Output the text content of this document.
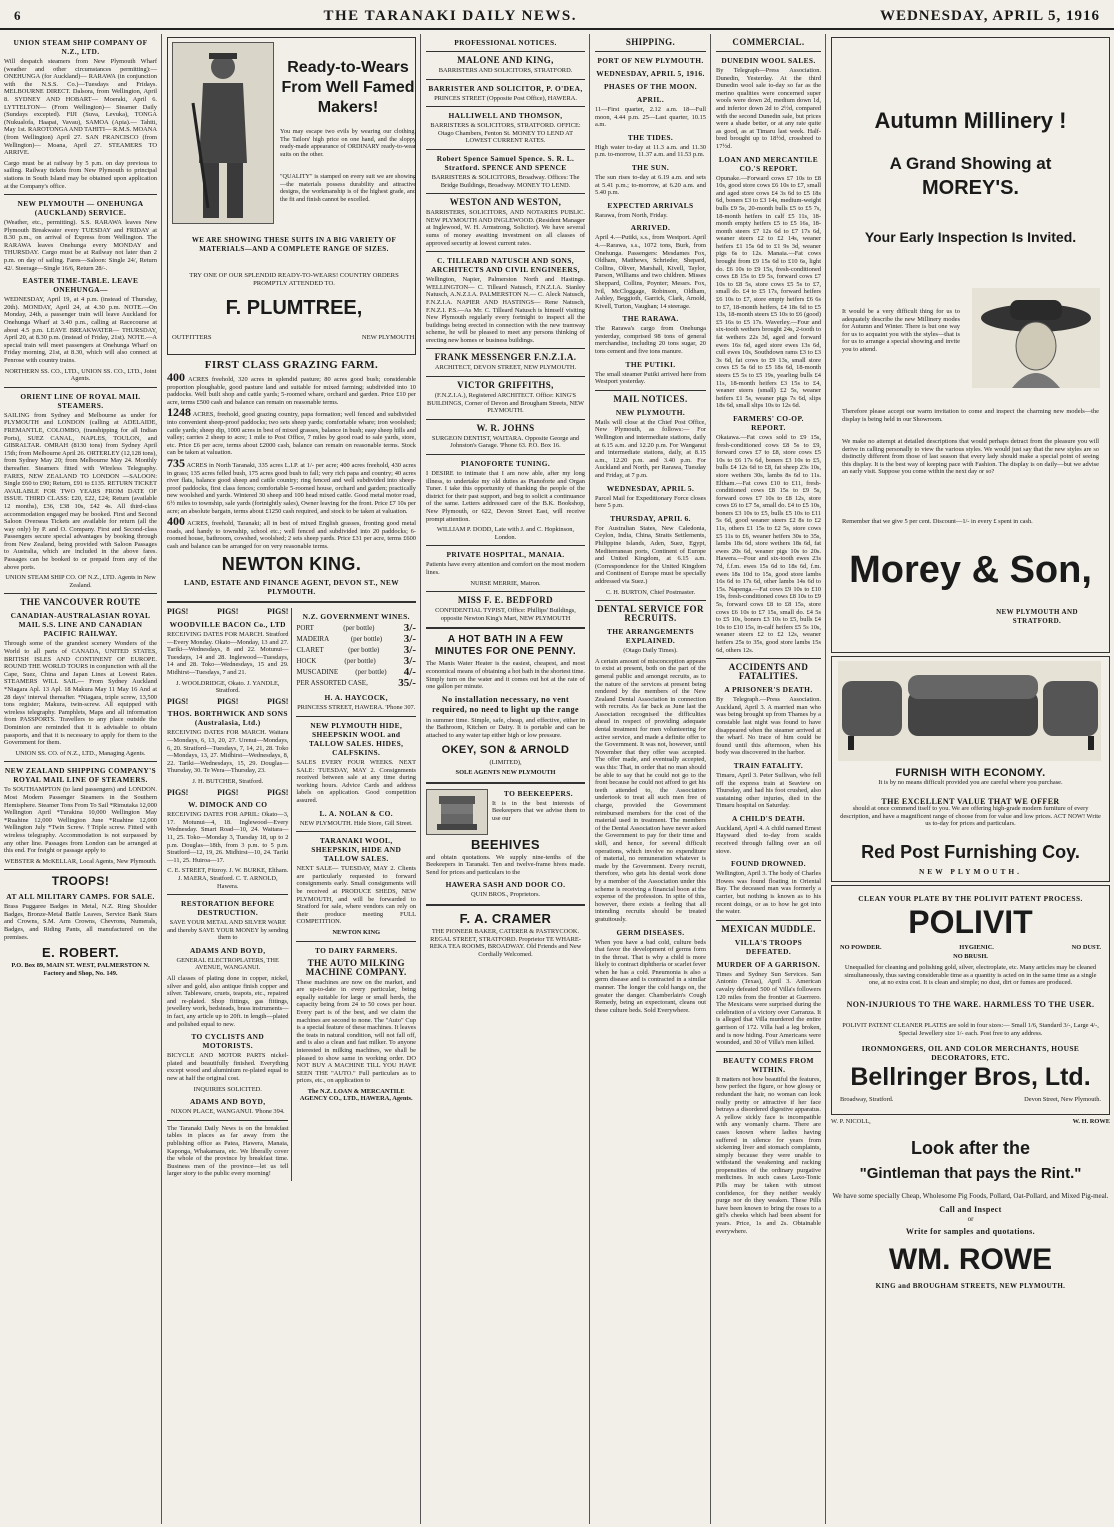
6	THE TARANAKI DAILY NEWS.	WEDNESDAY, APRIL 5, 1916
UNION STEAM SHIP COMPANY OF N.Z., LTD.

Will despatch steamers from New Plymouth Wharf (weather and other circumstances permitting):— ONEHUNGA (for Auckland)— RARAWA (in conjunction with the N.S.S. Co.)—Tuesdays and Fridays. MELBOURNE DIRECT. Dalsora, from Wellington, April 8. SYDNEY AND HOBART— Moeraki, April 6. LYTTELTON— (From Wellington)— Steamer Daily (Sundays excepted). FIJI (Suva, Levuka), TONGA (Nukualofa, Haapai, Vavau), SAMOA (Apia).— Tahiti, May 1st. RAROTONGA AND TAHITI— R.M.S. MOANA (from Wellington) April 27. SAN FRANCISCO (from Wellington)— Moana, April 27. STEAMERS TO ARRIVE.

Cargo must be at railway by 5 p.m. on day previous to sailing. Railway tickets from New Plymouth to principal stations in South Island may be obtained upon application at the Company's office.

NEW PLYMOUTH — ONEHUNGA (AUCKLAND) SERVICE.

(Weather, etc., permitting). S.S. RARAWA leaves New Plymouth Breakwater every TUESDAY and FRIDAY at 8.30 p.m., on arrival of Express from Wellington. The RARAWA leaves Onehunga every MONDAY and THURSDAY. Cargo must be at Railway not later than 2 p.m. on day of sailing. Fares—Saloon: Single 24/, Return 42/. Steerage—Single 16/6, Return 28/-.

EASTER TIME-TABLE. LEAVE ONEHUNGA—

WEDNESDAY, April 19, at 4 p.m. (instead of Thursday, 20th). MONDAY, April 24, at 4.30 p.m. NOTE.—On Monday, 24th, a passenger train will leave Auckland for Onehunga Wharf at 3.40 p.m., calling at Racecourse at about 4.5 p.m. LEAVE BREAKWATER— THURSDAY, April 20, at 8.30 p.m. (instead of Friday, 21st). NOTE.—A special train will meet passengers at Onehunga Wharf on Friday morning, 21st, at 8.30, which will also connect at Penrose with country trains.

NORTHERN SS. CO., LTD., UNION SS. CO., LTD., Joint Agents.

ORIENT LINE OF ROYAL MAIL STEAMERS.

SAILING from Sydney and Melbourne as under for PLYMOUTH and LONDON (calling at ADELAIDE, FREMANTLE, COLOMBO, (transhipping for all Indian Ports), SUEZ CANAL, NAPLES, TOULON, and GIBRALTAR. OMRAH (8130 tons) from Sydney April 15th; from Melbourne April 26. ORTERLEY (12,128 tons), from Sydney May 20; from Melbourne May 24. Monthly thereafter. Steamers fitted with Wireless Telegraphy. FARES, NEW ZEALAND TO LONDON —SALOON: Single £60 to £90; Return, £91 to £135. RETURN TICKET AVAILABLE FOR TWO YEARS FROM DATE OF ISSUE. THIRD CLASS: £20, £22, £24; Return (available 12 months), £36, £38 10s, £42 4s. All third-class accommodation engaged may be booked. First and Second Saloon Overseas Tickets are available for return (all the way only) by P. and O. Company. First and Second-class Passengers secure special advantages by booking through from New Zealand, being provided with Saloon Passages to Australia, which are included in the above fares. Passages can be booked to or prepaid from any of the above ports.

UNION STEAM SHIP CO. OF N.Z., LTD. Agents in New Zealand.

THE VANCOUVER ROUTE
CANADIAN-AUSTRALASIAN ROYAL MAIL S.S. LINE AND CANADIAN PACIFIC RAILWAY.

Through some of the grandest scenery Wonders of the World to all parts of CANADA, UNITED STATES, BRITISH ISLES AND CONTINENT OF EUROPE. ROUND THE WORLD TOURS in conjunction with all the Cape, Suez, China and Japan Lines at Lowest Rates. STEAMERS WILL SAIL— From Sydney Auckland *Niagara Apl. 13 Apl. 18 Makura May 11 May 16 And at 28 days' interval thereafter. *Niagara, triple screw, 13,500 tons register; Makura, twin-screw. All equipped with wireless telegraphy. Pamphlets, Maps and all information from PASSPORTS. Travellers to any place outside the Dominion are reminded that it is advisable to obtain passports, and that it is necessary to apply for them to the Government for them.

UNION SS. CO. of N.Z., LTD., Managing Agents.

NEW ZEALAND SHIPPING COMPANY'S ROYAL MAIL LINE OF STEAMERS.

To SOUTHAMPTON (to land passengers) and LONDON. Most Modern Passenger Steamers in the Southern Hemisphere. Steamer Tons From To Sail *Rimutaka 12,000 Wellington April *Turakina 10,000 Wellington May *Ruahine 12,000 Wellington June *Ruahine 12,000 Wellington July *Twin Screw. †Triple screw. Fitted with wireless telegraphy. Accommodation is not surpassed by any other line. Passages from London can be arranged at this end. For freight or passage apply to

WEBSTER & McKELLAR, Local Agents, New Plymouth.

TROOPS!
AT ALL MILITARY CAMPS. FOR SALE.

Brass Puggaree Badges in Metal, N.Z. Ring Shoulder Badges, Bronze-Metal Battle Leaves, Service Bank Stars and Crowns, S.M. Arm Crowns, Chevrons, Numerals, Badges, and Riding Pants, all manufactured on the premises.

E. ROBERT.

P.O. Box 89, MAIN ST. WEST, PALMERSTON N. Factory and Shop, No. 149.

Ready-to-Wears From Well Famed Makers!

You may escape two evils by wearing our clothing. The Tailors' high price on one hand, and the sloppy ready-made appearance of ORDINARY ready-to-wear suits on the other.

"QUALITY" is stamped on every suit we are showing—the materials possess durability and attractive designs, the workmanship is of the highest grade, and the fit and finish cannot be excelled.

WE ARE SHOWING THESE SUITS IN A BIG VARIETY OF MATERIALS—AND A COMPLETE RANGE OF SIZES.
TRY ONE OF OUR SPLENDID READY-TO-WEARS! COUNTRY ORDERS PROMPTLY ATTENDED TO.
F. PLUMTREE,
OUTFITTERS	NEW PLYMOUTH.
FIRST CLASS GRAZING FARM.

400 ACRES freehold, 320 acres in splendid pasture; 80 acres good bush; considerable proportion ploughable, good pasture land and suitable for mixed farming; subdivided into 10 paddocks. Well built shop and cattle yards; 5-roomed whare, orchard and garden. Price £10 per acre, terms £500 cash and balance can remain on reasonable terms.

1248 ACRES, freehold, good grazing country, papa formation; well fenced and subdivided into convenient sheep-proof paddocks; two sets sheep yards; comfortable whare; iron woolshed; cattle yards; sheep dip, 1000 acres in best of mixed grasses, balance in bush; easy sheep hills and valley; carries 2 sheep to acre; 1 mile to Post Office, 7 miles by good road to sale yards, store, etc. Price £6 per acre, terms about £2000 cash, balance can remain on reasonable terms. Stock can be taken at valuation.

735 ACRES in North Taranaki, 335 acres L.I.P. at 1/- per acre; 400 acres freehold, 430 acres in grass; 135 acres felled bush, 175 acres good bush to fall; very rich papa and country; 40 acres river flats, balance good sheep and cattle country; ring fenced and well subdivided into sheep-proof paddocks, first class fences; comfortable 5-roomed house, orchard and garden; practically new woolshed and yards. Wintered 30 sheep and 100 head mixed cattle. Good metal motor road, 6½ miles to township, sale yards (fortnightly sales), Owner leaving for the front. Price £7 10s per acre; an absolute bargain, terms about £1250 cash required, and stock to be taken at valuation.

400 ACRES, freehold, Taranaki; all in best of mixed English grasses, fronting good metal roads, and handy to township, school etc.; well fenced and subdivided into 20 paddocks; 6-roomed house, bathroom, cowshed, woolshed; 2 sets sheep yards. Price £31 per acre, terms £600 cash and balance can be arranged for on very reasonable terms.

NEWTON KING.
LAND, ESTATE AND FINANCE AGENT, DEVON ST., NEW PLYMOUTH.
PIGS!	PIGS!	PIGS!
WOODVILLE BACON Co., LTD

RECEIVING DATES FOR MARCH. Stratford—Every Monday. Okato—Monday, 13 and 27. Tariki—Wednesdays, 8 and 22. Motunui—Tuesdays, 14 and 28. Inglewood—Tuesdays, 14 and 28. Toko—Wednesdays, 15 and 29. Midhirst—Tuesdays, 7 and 21.

J. WOOLDRIDGE, Okato. J. YANDLE, Stratford.

PIGS!	PIGS!	PIGS!
THOS. BORTHWICK AND SONS (Australasia, Ltd.)

RECEIVING DATES FOR MARCH. Waitara—Mondays, 6, 13, 20, 27. Urenui—Mondays, 6, 20. Stratford—Tuesdays, 7, 14, 21, 28. Toko—Mondays, 13, 27. Midhirst—Wednesdays, 8, 22. Tariki—Wednesdays, 15, 29. Douglas—Thursday, 30. Te Wera—Thursday, 23.

J. H. BUTCHER, Stratford.

PIGS!	PIGS!	PIGS!
W. DIMOCK AND CO

RECEIVING DATES FOR APRIL: Okato—3, 17. Motunui—4, 18. Inglewood—Every Wednesday. Smart Road—10, 24. Waitara—11, 25. Toko—Monday 3, Tuesday 18, up to 2 p.m. Douglas—18th, from 3 p.m. to 5 p.m. Stratford—12, 19, 26. Midhirst—10, 24. Tariki—11, 25. Huiroa—17.

C. E. STREET, Fitzroy. J. W. BURKE, Eltham. J. MAERA, Stratford. C. T. ARNOLD, Hawera.

RESTORATION BEFORE DESTRUCTION.

SAVE YOUR METAL AND SILVER WARE and thereby SAVE YOUR MONEY by sending them to

ADAMS AND BOYD,

GENERAL ELECTROPLATERS, THE AVENUE, WANGANUI.

All classes of plating done in copper, nickel, silver and gold, also antique finish copper and silver. Tableware, cruets, teapots, etc., repaired and re-plated. Shop fittings, gas fittings, jewellery work, bedsteads, brass instruments—in fact, any article up to 20ft. in length—plated and polished equal to new.

TO CYCLISTS AND MOTORISTS.

BICYCLE AND MOTOR PARTS nickel-plated and beautifully finished. Everything except wood and aluminium re-plated equal to new at half the original cost.

INQUIRIES SOLICITED.

ADAMS AND BOYD,

NIXON PLACE, WANGANUI. 'Phone 394.

The Taranaki Daily News is on the breakfast tables in places as far away from the publishing office as Patea, Hawera, Manaia, Kaponga, Whakamara, etc. We liberally cover the whole of the province by breakfast time. Business men of the province—let us tell larger story to the public every morning!

N.Z. GOVERNMENT WINES.
PORT	(per bottle)	3/-
MADEIRA	(per bottle) 3/-
CLARET	(per bottle) 3/-
HOCK	(per bottle)	3/-
MUSCADINE (per bottle) 4/-
PER ASSORTED CASE,	35/-
H. A. HAYCOCK,

PRINCESS STREET, HAWERA. 'Phone 307.

NEW PLYMOUTH HIDE, SHEEPSKIN WOOL and TALLOW SALES. HIDES, CALFSKINS.

SALES EVERY FOUR WEEKS. NEXT SALE: TUESDAY, MAY 2. Consignments received between sale at any time during working hours. Advice Cards and address labels on application. Good competition assured.

L. A. NOLAN & CO.

NEW PLYMOUTH. Hide Store, Gill Street.

TARANAKI WOOL, SHEEPSKIN, HIDE AND TALLOW SALES.

NEXT SALE— TUESDAY, MAY 2. Clients are particularly requested to forward consignments early. Small consignments will be received at PRODUCE SHEDS, NEW PLYMOUTH, and will be forwarded to Stratford for sale, where vendors can rely on their produce meeting FULL COMPETITION.

NEWTON KING

TO DAIRY FARMERS.
THE AUTO MILKING MACHINE COMPANY.

These machines are now on the market, and are up-to-date in every particular, being equally suitable for large or small herds, the capacity being from 24 to 50 cows per hour. Every part is of the best, and we claim the machines are second to none. The "Auto" Cup is a special feature of these machines. It leaves the teats in natural condition, will not fall off, and is also a clean and fast milker. To anyone interested in milking machines, we shall be pleased to show same in working order. DO NOT BUY A MACHINE TILL YOU HAVE SEEN THE "AUTO." Full particulars as to prices, etc., on application to

The N.Z. LOAN & MERCANTILE AGENCY CO., LTD., HAWERA, Agents.

PROFESSIONAL NOTICES.
MALONE AND KING,

BARRISTERS AND SOLICITORS, STRATFORD.

BARRISTER AND SOLICITOR, P. O'DEA,

PRINCES STREET (Opposite Post Office), HAWERA.

HALLIWELL AND THOMSON,

BARRISTERS & SOLICITORS, STRATFORD. OFFICE: Otago Chambers, Fenton St. MONEY TO LEND AT LOWEST CURRENT RATES.

Robert Spence Samuel Spence. S. R. L. Stratford. SPENCE AND SPENCE

BARRISTERS & SOLICITORS, Broadway. Offices: The Bridge Buildings, Broadway. MONEY TO LEND.

WESTON AND WESTON,

BARRISTERS, SOLICITORS, AND NOTARIES PUBLIC. NEW PLYMOUTH AND INGLEWOOD. (Resident Manager at Inglewood, W. H. Armstrong, Solicitor). We have several sums of money awaiting investment on all classes of approved security at lowest current rates.

C. TILLEARD NATUSCH AND SONS, ARCHITECTS AND CIVIL ENGINEERS,

Wellington, Napier, Palmerston North and Hastings. WELLINGTON— C. Tilleard Natusch, F.N.Z.I.A. Stanley Natusch, A.N.Z.I.A. PALMERSTON N.— C. Aleck Natusch, F.N.Z.I.A. NAPIER AND HASTINGS— Rene Natusch, F.N.Z.I. P.S.—As Mr. C. Tilleard Natusch is himself visiting New Plymouth regularly every fortnight to inspect all the buildings being erected in connection with the new tramway scheme, he will be pleased to meet any persons thinking of erecting new homes or business buildings.

FRANK MESSENGER F.N.Z.I.A.

ARCHITECT, DEVON STREET, NEW PLYMOUTH.

VICTOR GRIFFITHS,

(F.N.Z.I.A.), Registered ARCHITECT. Office: KING'S BUILDINGS, Corner of Devon and Brougham Streets, NEW PLYMOUTH.

W. R. JOHNS

SURGEON DENTIST, WAITARA. Opposite George and Johnston's Garage. 'Phone 63. P.O. Box 16.

PIANOFORTE TUNING.

I DESIRE to intimate that I am now able, after my long illness, to undertake my old duties as Pianoforte and Organ Tuner. I take this opportunity of thanking the people of the district for their past support, and beg to solicit a continuance of the same. Letters addressed care of the B.K. Bookshop, New Plymouth, or 622, Devon Street East, will receive prompt attention.

WILLIAM P. DODD, Late with J. and C. Hopkinson, London.

PRIVATE HOSPITAL, MANAIA.

Patients have every attention and comfort on the most modern lines.

NURSE MERRIE, Matron.

MISS F. E. BEDFORD

CONFIDENTIAL TYPIST, Office: Phillips' Buildings, opposite Newton King's Mart, NEW PLYMOUTH

A HOT BATH IN A FEW MINUTES FOR ONE PENNY.

The Manis Water Heater is the easiest, cheapest, and most economical means of obtaining a hot bath in the shortest time. Simply turn on the water and it comes out hot at the rate of one gallon per minute.

No installation necessary, no vent required, no need to light up the range

in summer time. Simple, safe, cheap, and effective, either in the Bathroom, Kitchen or Dairy. It is portable and can be attached to any water tap either high or low pressure.

OKEY, SON & ARNOLD

(LIMITED),

SOLE AGENTS NEW PLYMOUTH

TO BEEKEEPERS.

It is in the best interests of Beekeepers that we advise them to use our

BEEHIVES

and obtain quotations. We supply nine-tenths of the Beekeepers in Taranaki. Ten and twelve-frame hives made. Send for prices and particulars to the

HAWERA SASH AND DOOR CO.

QUIN BROS., Proprietors.

F. A. CRAMER

THE PIONEER BAKER, CATERER & PASTRYCOOK. REGAL STREET, STRATFORD. Proprietor TE WHARE-REKA TEA ROOMS, BROADWAY. Old Friends and New Cordially Welcomed.

SHIPPING.
PORT OF NEW PLYMOUTH.
WEDNESDAY, APRIL 5, 1916.
PHASES OF THE MOON.
APRIL.

11—First quarter, 2.12 a.m. 18—Full moon, 4.44 p.m. 25—Last quarter, 10.15 a.m.

THE TIDES.

High water to-day at 11.3 a.m. and 11.30 p.m. to-morrow, 11.37 a.m. and 11.53 p.m.

THE SUN.

The sun rises to-day at 6.19 a.m. and sets at 5.41 p.m.; to-morrow, at 6.20 a.m. and 5.40 p.m.

EXPECTED ARRIVALS

Rarawa, from North, Friday.

ARRIVED.

April 4.—Putiki, s.s., from Westport. April 4.—Rarawa, s.s., 1072 tons, Burk, from Onehunga. Passengers: Mesdames Fox, Oldham, Matthews, Schrieder, Shepard, Collins, Oliver, Marshall, Kivell, Taylor, Parson, Williams and two children. Misses Sheppard, Collins, Poynter; Messrs. Fox, Ivil, McCloggage, Robinson, Oldham, Ashley, Beggioth, Garrick, Clark, Arnold, Kivell, Turton, Vaughan; 14 steerage.

THE RARAWA.

The Rarawa's cargo from Onehunga yesterday, comprised 98 tons of general merchandise, including 20 tons sugar, 20 tons cement and five tons manure.

THE PUTIKI.

The small steamer Putiki arrived here from Westport yesterday.

MAIL NOTICES.
NEW PLYMOUTH.

Mails will close at the Chief Post Office, New Plymouth, as follows:— For Wellington and intermediate stations, daily at 6.15 a.m. and 12.20 p.m. For Wanganui and intermediate stations, daily, at 8.15 a.m., 12.20 p.m. and 3.40 p.m. For Auckland and North, per Rarawa, Tuesday and Friday, at 7 p.m.

WEDNESDAY, APRIL 5.

Parcel Mail for Expeditionary Force closes here 5 p.m.

THURSDAY, APRIL 6.

For Australian States, New Caledonia, Ceylon, India, China, Straits Settlements, Philippine Islands, Aden, Suez, Egypt, Mediterranean ports, Continent of Europe and United Kingdom, at 6.15 a.m. (Correspondence for the United Kingdom and Continent of Europe must be specially addressed via Suez.)

C. H. BURTON, Chief Postmaster.

DENTAL SERVICE FOR RECRUITS.
THE ARRANGEMENTS EXPLAINED.

(Otago Daily Times).

A certain amount of misconception appears to exist at present, both on the part of the general public and amongst recruits, as to the nature of the services at present being rendered by the members of the New Zealand Dental Association in connection with recruits. As far back as June last the Association recognised the difficulties ahead in respect of providing adequate dental treatment for men volunteering for active service, and made a definite offer to the Government. It was not, however, until November that they offer was accepted. The offer made, and eventually accepted, was this: That, in order that no man should be able to say that he could not go to the front because he could not afford to get his teeth attended to, the Association undertook to treat all such men free of charge, provided the Government reimbursed members for the cost of the material used in treatment. The members of the Dental Association have never asked the Government to pay for their time and skill, and hence, for several difficult operations, which involve no expenditure of material, no remuneration whatever is made by the Government. Every recruit, therefore, who gets his dental work done by a member of the Association under this scheme is receiving a financial boon at the expense of the profession. In spite of this, however, there exists a feeling that all intending recruits should be treated gratuitously.

GERM DISEASES.

When you have a bad cold, culture beds that favor the development of germs form in the throat. That is why a child is more likely to contract diphtheria or scarlet fever when he has a cold. Pneumonia is also a germ disease and is contracted in a similar manner. The longer the cold hangs on, the greater the danger. Chamberlain's Cough Remedy, being an expectorant, cleans out these culture beds. Sold Everywhere.

COMMERCIAL.
DUNEDIN WOOL SALES.

By Telegraph—Press Association. Dunedin, Yesterday. At the third Dunedin wool sale to-day so far as the merino qualities were concerned super wools were down 2d, medium down 1d, and inferior down 2d to 2½d, compared with the second Dunedin sale, but prices were a shade better, or at any rate quite as good, as at Timaru last week. Half-bred brought up to 18½d, crossbred to 17½d.

LOAN AND MERCANTILE CO.'S REPORT.

Opunake.—Forward cows £7 10s to £8 10s, good store cows £6 10s to £7, small and aged store cows £4 3s 6d to £5 18s 6d, boners £3 to £3 14s, medium-weight bulls £9 5s, 20-month bulls £5 to £5 7s, 18-month heifers in calf £5 11s, 18-month empty heifers £5 to £5 16s, 18-month steers £7 12s 6d to £7 17s 6d, weaner steers £2 to £2 14s, weaner heifers £1 15s 6d to £1 9s 3d, weaner pigs 6s to 12s. Manaia.—Fat cows brought from £9 15s 6d to £10 6s, light do. £6 10s to £9 15s, fresh-conditioned cows £8 15s to £9 5s, forward cows £7 10s to £8 5s, store cows £5 5s to £7, small do. £4 to £5 17s, forward heifers £6 10s to £7, store empty heifers £6 6s to £7, 18-month heifers, £4 18s 6d to £5 13s, 18-month steers £5 10s to £6 (good) £5 16s to £5 17s. Waverley.—Four and six-tooth wethers brought 24s, 2-tooth to fat wethers 22s 3d, aged and forward ewes 16s 6d, aged store ewes 13s 6d, cull ewes 10s, Southdown rams £3 to £3 3s 6d, fat cows to £9 13s, small store cows £5 5s 6d to £5 18s 6d, 18-month steers £5 5s to £5 19s, yearling bulls £4 11s, 18-month heifers £3 15s to £4, weaner steers (small) £2 5s, weaner heifers £1 5s, weaner pigs 7s 6d, slips 18s 6d, small slips 10s to 12s 6d.

FARMERS' CO-OP. REPORT.

Okaiawa.—Fat cows sold to £9 15s, fresh-conditioned cows £8 5s to £9, forward cows £7 to £8, store cows £5 10s to £6 17s 6d, boners £3 10s to £5, bulls £4 12s 6d to £8, fat sheep 23s 10s, store wethers 30s, lambs 8s 6d to 11s. Eltham.—Fat cows £10 to £11, fresh-conditioned cows £8 15s to £9 5s, forward cows £7 10s to £8 12s, store cows £6 to £7 5s, small do. £4 to £5 10s, boners £3 10s to £5, bulls £5 10s to £11 5s 6d, good weaner steers £2 8s to £2 11s, others £1 15s to £2 5s, store cows £5 11s to £6, weaner heifers 30s to 35s, lambs 18s 6d, store wethers 18s 6d, fat ewes 20s 6d, weaner pigs 10s to 20s. Hawera.—Four and six-tooth ewes 23s 7d, f.f.m. ewes 15s 6d to 18s 6d, f.m. ewes 18s 10d to 15s, good store lambs 16s 6d to 17s 6d, other lambs 14s 6d to 15s. Napenga.—Fat cows £9 10s to £10 19s, fresh-conditioned cows £8 10s to £9 5s, forward cows £8 to £8 15s, store cows £6 10s to £7 15s, small do. £4 5s to £5 10s, boners £3 10s to £5, bulls £4 10s to £10 15s, in-calf heifers £5 5s 10s, weaner steers £2 to £2 12s, weaner heifers 25s to 35s, good store lambs 15s 6d, others 12s.

ACCIDENTS AND FATALITIES.
A PRISONER'S DEATH.

By Telegraph.—Press Association. Auckland, April 3. A married man who was being brought up from Thames by a constable last night was found to have disappeared when the steamer arrived at the wharf. No trace of him could be found until this afternoon, when his body was discovered in the harbor.

TRAIN FATALITY.

Timaru, April 3. Peter Sullivan, who fell off the express train at Seaview on Thursday, and had his foot crushed, also sustaining other injuries, died in the Timaru hospital on Saturday.

A CHILD'S DEATH.

Auckland, April 4. A child named Ernest Hayward died to-day from scalds received through falling over an oil stove.

FOUND DROWNED.

Wellington, April 3. The body of Charles Howes was found floating in Oriental Bay. The deceased man was formerly a carrier, but nothing is known as to his recent doings, or as to how he got into the water.

MEXICAN MUDDLE.
VILLA'S TROOPS DEFEATED.
MURDER OF A GARRISON.

Times and Sydney Sun Services. San Antonio (Texas), April 3. American cavalry defeated 500 of Villa's followers 120 miles from the frontier at Guerrero. The Mexicans were surprised during the celebration of a victory over Carranza. It is alleged that Villa murdered the entire garrison of 172. Villa had a leg broken, and is now hiding. Four Americans were wounded, and 30 of Villa's men killed.

BEAUTY COMES FROM WITHIN.

It matters not how beautiful the features, how perfect the figure, or how glossy or redundant the hair, no woman can look really pretty or attractive if her face betrays a disordered digestive apparatus. A yellow sickly face is incompatible with any womanly charm. There are cases known where ladies having suffered in silence for years from sickening liver and stomach complaints, simply because they were unable to withstand the weakening and racking propensities of the ordinary purgative medicines. In such cases Laxo-Tonic Pills may be taken with utmost confidence, for they neither weakly purge nor do they weaken. These Pills have been known to bring the roses to a girl's cheeks which had been absent for years. Price, 1s and 2s. Obtainable everywhere.

Autumn Millinery !
A Grand Showing at
MOREY'S.
Your Early Inspection Is Invited.

It would be a very difficult thing for us to adequately describe the new Millinery modes for Autumn and Winter. There is but one way for us to acquaint you with the styles—that is for us to arrange a special showing and invite you to attend.

Therefore please accept our warm invitation to come and inspect the charming new models—the display is being held in our Showroom.

We make no attempt at detailed descriptions that would perhaps detract from the pleasure you will derive in calling personally to view the various styles. We would just say that the new styles are so distinctly different from those of last season that every lady should make a special point of seeing this display. It is the best way of keeping pace with Fashion. The display is on daily—but we advise an early visit. Suppose you come within the next day or so?

Remember that we give 5 per cent. Discount—1/- in every £ spent in cash.

Morey & Son,
NEW PLYMOUTH AND STRATFORD.
FURNISH WITH ECONOMY.

It is by no means difficult provided you are careful where you purchase.

THE EXCELLENT VALUE THAT WE OFFER

should at once commend itself to you. We are offering high-grade modern furniture of every description, and have a magnificent range of choose from for value and low prices. ACT NOW! Write us to-day for prices and particulars.

Red Post Furnishing Coy.
NEW PLYMOUTH.
CLEAN YOUR PLATE BY THE POLIVIT PATENT PROCESS.
POLIVIT
NO POWDER.	HYGIENIC.	NO DUST.
NO BRUSH.

Unequalled for cleaning and polishing gold, silver, electroplate, etc. Many articles may be cleaned simultaneously, thus saving considerable time as a quantity is acted on in the same time as a single one, at no extra cost. It is clean and simple; no dust, dirt or fumes are produced.

NON-INJURIOUS TO THE WARE. HARMLESS TO THE USER.

POLIVIT PATENT CLEANER PLATES are sold in four sizes:— Small 1/6, Standard 3/-, Large 4/-, Special Jewellery size 1/- each. Post free to any address.

IRONMONGERS, OIL AND COLOR MERCHANTS, HOUSE DECORATORS, ETC.
Bellringer Bros, Ltd.
Broadway, Stratford.	Devon Street, New Plymouth.
W. P. NICOLL,	W. H. ROWE
Look after the
"Gintleman that pays the Rint."

We have some specially Cheap, Wholesome Pig Foods, Pollard, Oat-Pollard, and Mixed Pig-meal.

Call and Inspect
or
Write for samples and quotations.
WM. ROWE
KING and BROUGHAM STREETS, NEW PLYMOUTH.
